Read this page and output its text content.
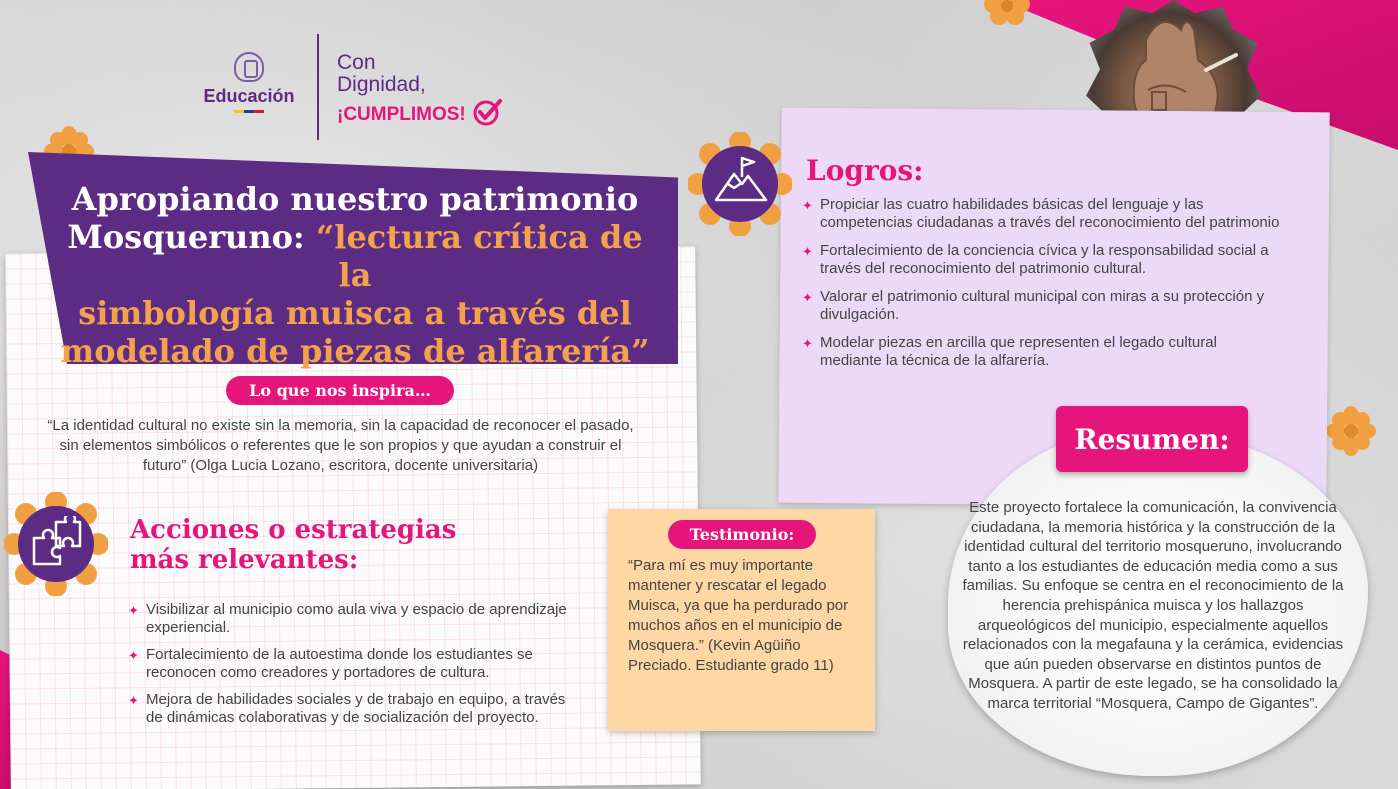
Educación
Con
Dignidad,
¡CUMPLIMOS!
Apropiando nuestro patrimonio
Mosqueruno: “lectura crítica de la
simbología muisca a través del
modelado de piezas de alfarería”
Lo que nos inspira…
“La identidad cultural no existe sin la memoria, sin la capacidad de reconocer el pasado, sin elementos simbólicos o referentes que le son propios y que ayudan a construir el futuro” (Olga Lucia Lozano, escritora, docente universitaria)
Acciones o estrategias
más relevantes:
✦ Visibilizar al municipio como aula viva y espacio de aprendizaje experiencial.
✦ Fortalecimiento de la autoestima donde los estudiantes se reconocen como creadores y portadores de cultura.
✦ Mejora de habilidades sociales y de trabajo en equipo, a través de dinámicas colaborativas y de socialización del proyecto.
Logros:
✦ Propiciar las cuatro habilidades básicas del lenguaje y las competencias ciudadanas a través del reconocimiento del patrimonio
✦ Fortalecimiento de la conciencia cívica y la responsabilidad social a través del reconocimiento del patrimonio cultural.
✦ Valorar el patrimonio cultural municipal con miras a su protección y divulgación.
✦ Modelar piezas en arcilla que representen el legado cultural mediante la técnica de la alfarería.
Testimonio:
“Para mí es muy importante mantener y rescatar el legado Muisca, ya que ha perdurado por muchos años en el municipio de Mosquera.” (Kevin Agüiño Preciado. Estudiante grado 11)
Resumen:
Este proyecto fortalece la comunicación, la convivencia ciudadana, la memoria histórica y la construcción de la identidad cultural del territorio mosquerunо, involucrando tanto a los estudiantes de educación media como a sus familias. Su enfoque se centra en el reconocimiento de la herencia prehispánica muisca y los hallazgos arqueológicos del municipio, especialmente aquellos relacionados con la megafauna y la cerámica, evidencias que aún pueden observarse en distintos puntos de Mosquera. A partir de este legado, se ha consolidado la marca territorial “Mosquera, Campo de Gigantes”.
